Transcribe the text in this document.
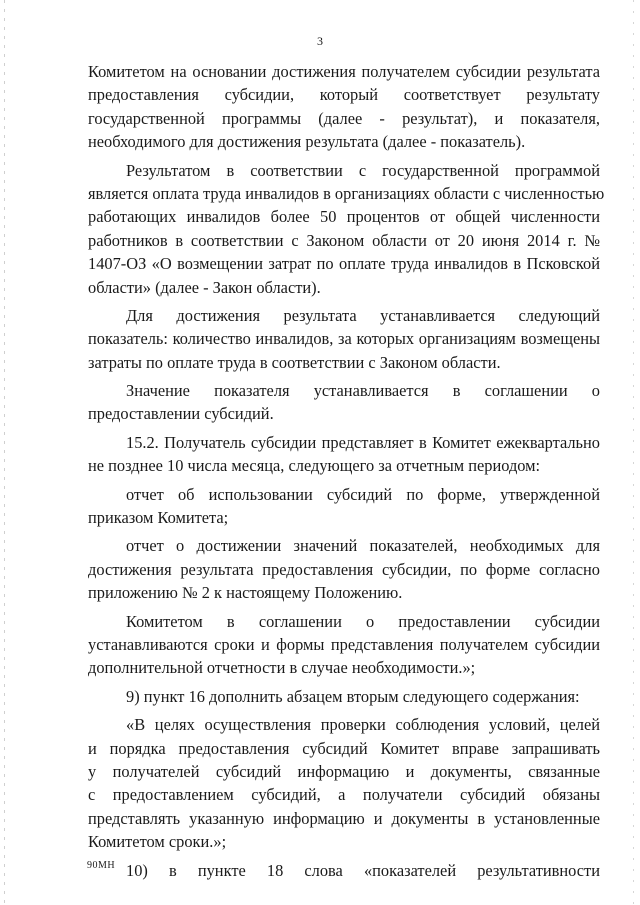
3

Комитетом на основании достижения получателем субсидии результата
предоставления субсидии, который соответствует результату
государственной программы (далее - результат), и показателя,
необходимого для достижения результата (далее - показатель).

Результатом в соответствии с государственной программой
является оплата труда инвалидов в организациях области с численностью
работающих инвалидов более 50 процентов от общей численности
работников в соответствии с Законом области от 20 июня 2014 г. №
1407-ОЗ «О возмещении затрат по оплате труда инвалидов в Псковской
области» (далее - Закон области).

Для достижения результата устанавливается следующий
показатель: количество инвалидов, за которых организациям возмещены
затраты по оплате труда в соответствии с Законом области.

Значение показателя устанавливается в соглашении о
предоставлении субсидий.

15.2. Получатель субсидии представляет в Комитет ежеквартально
не позднее 10 числа месяца, следующего за отчетным периодом:

отчет об использовании субсидий по форме, утвержденной
приказом Комитета;

отчет о достижении значений показателей, необходимых для
достижения результата предоставления субсидии, по форме согласно
приложению № 2 к настоящему Положению.

Комитетом в соглашении о предоставлении субсидии
устанавливаются сроки и формы представления получателем субсидии
дополнительной отчетности в случае необходимости.»;

9) пункт 16 дополнить абзацем вторым следующего содержания:

«В целях осуществления проверки соблюдения условий, целей
и порядка предоставления субсидий Комитет вправе запрашивать
у получателей субсидий информацию и документы, связанные
с предоставлением субсидий, а получатели субсидий обязаны
представлять указанную информацию и документы в установленные
Комитетом сроки.»;

10) в пункте 18 слова «показателей результативности

90МН
